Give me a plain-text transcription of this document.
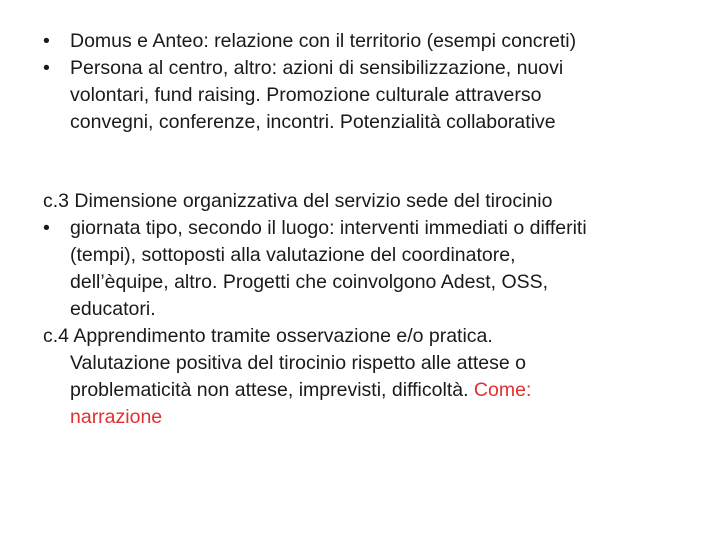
•	Domus e Anteo: relazione con il territorio (esempi concreti)
•	Persona al centro, altro: azioni di sensibilizzazione, nuovi
volontari, fund raising. Promozione culturale attraverso
convegni, conferenze, incontri. Potenzialità collaborative
c.3 Dimensione organizzativa del servizio sede del tirocinio
•	giornata tipo, secondo il luogo: interventi immediati o differiti
(tempi), sottoposti alla valutazione del coordinatore,
dell’èquipe, altro. Progetti che coinvolgono Adest, OSS,
educatori.
c.4 Apprendimento tramite osservazione e/o pratica.
Valutazione positiva del tirocinio rispetto alle attese o
problematicità non attese, imprevisti, difficoltà. Come:
narrazione
